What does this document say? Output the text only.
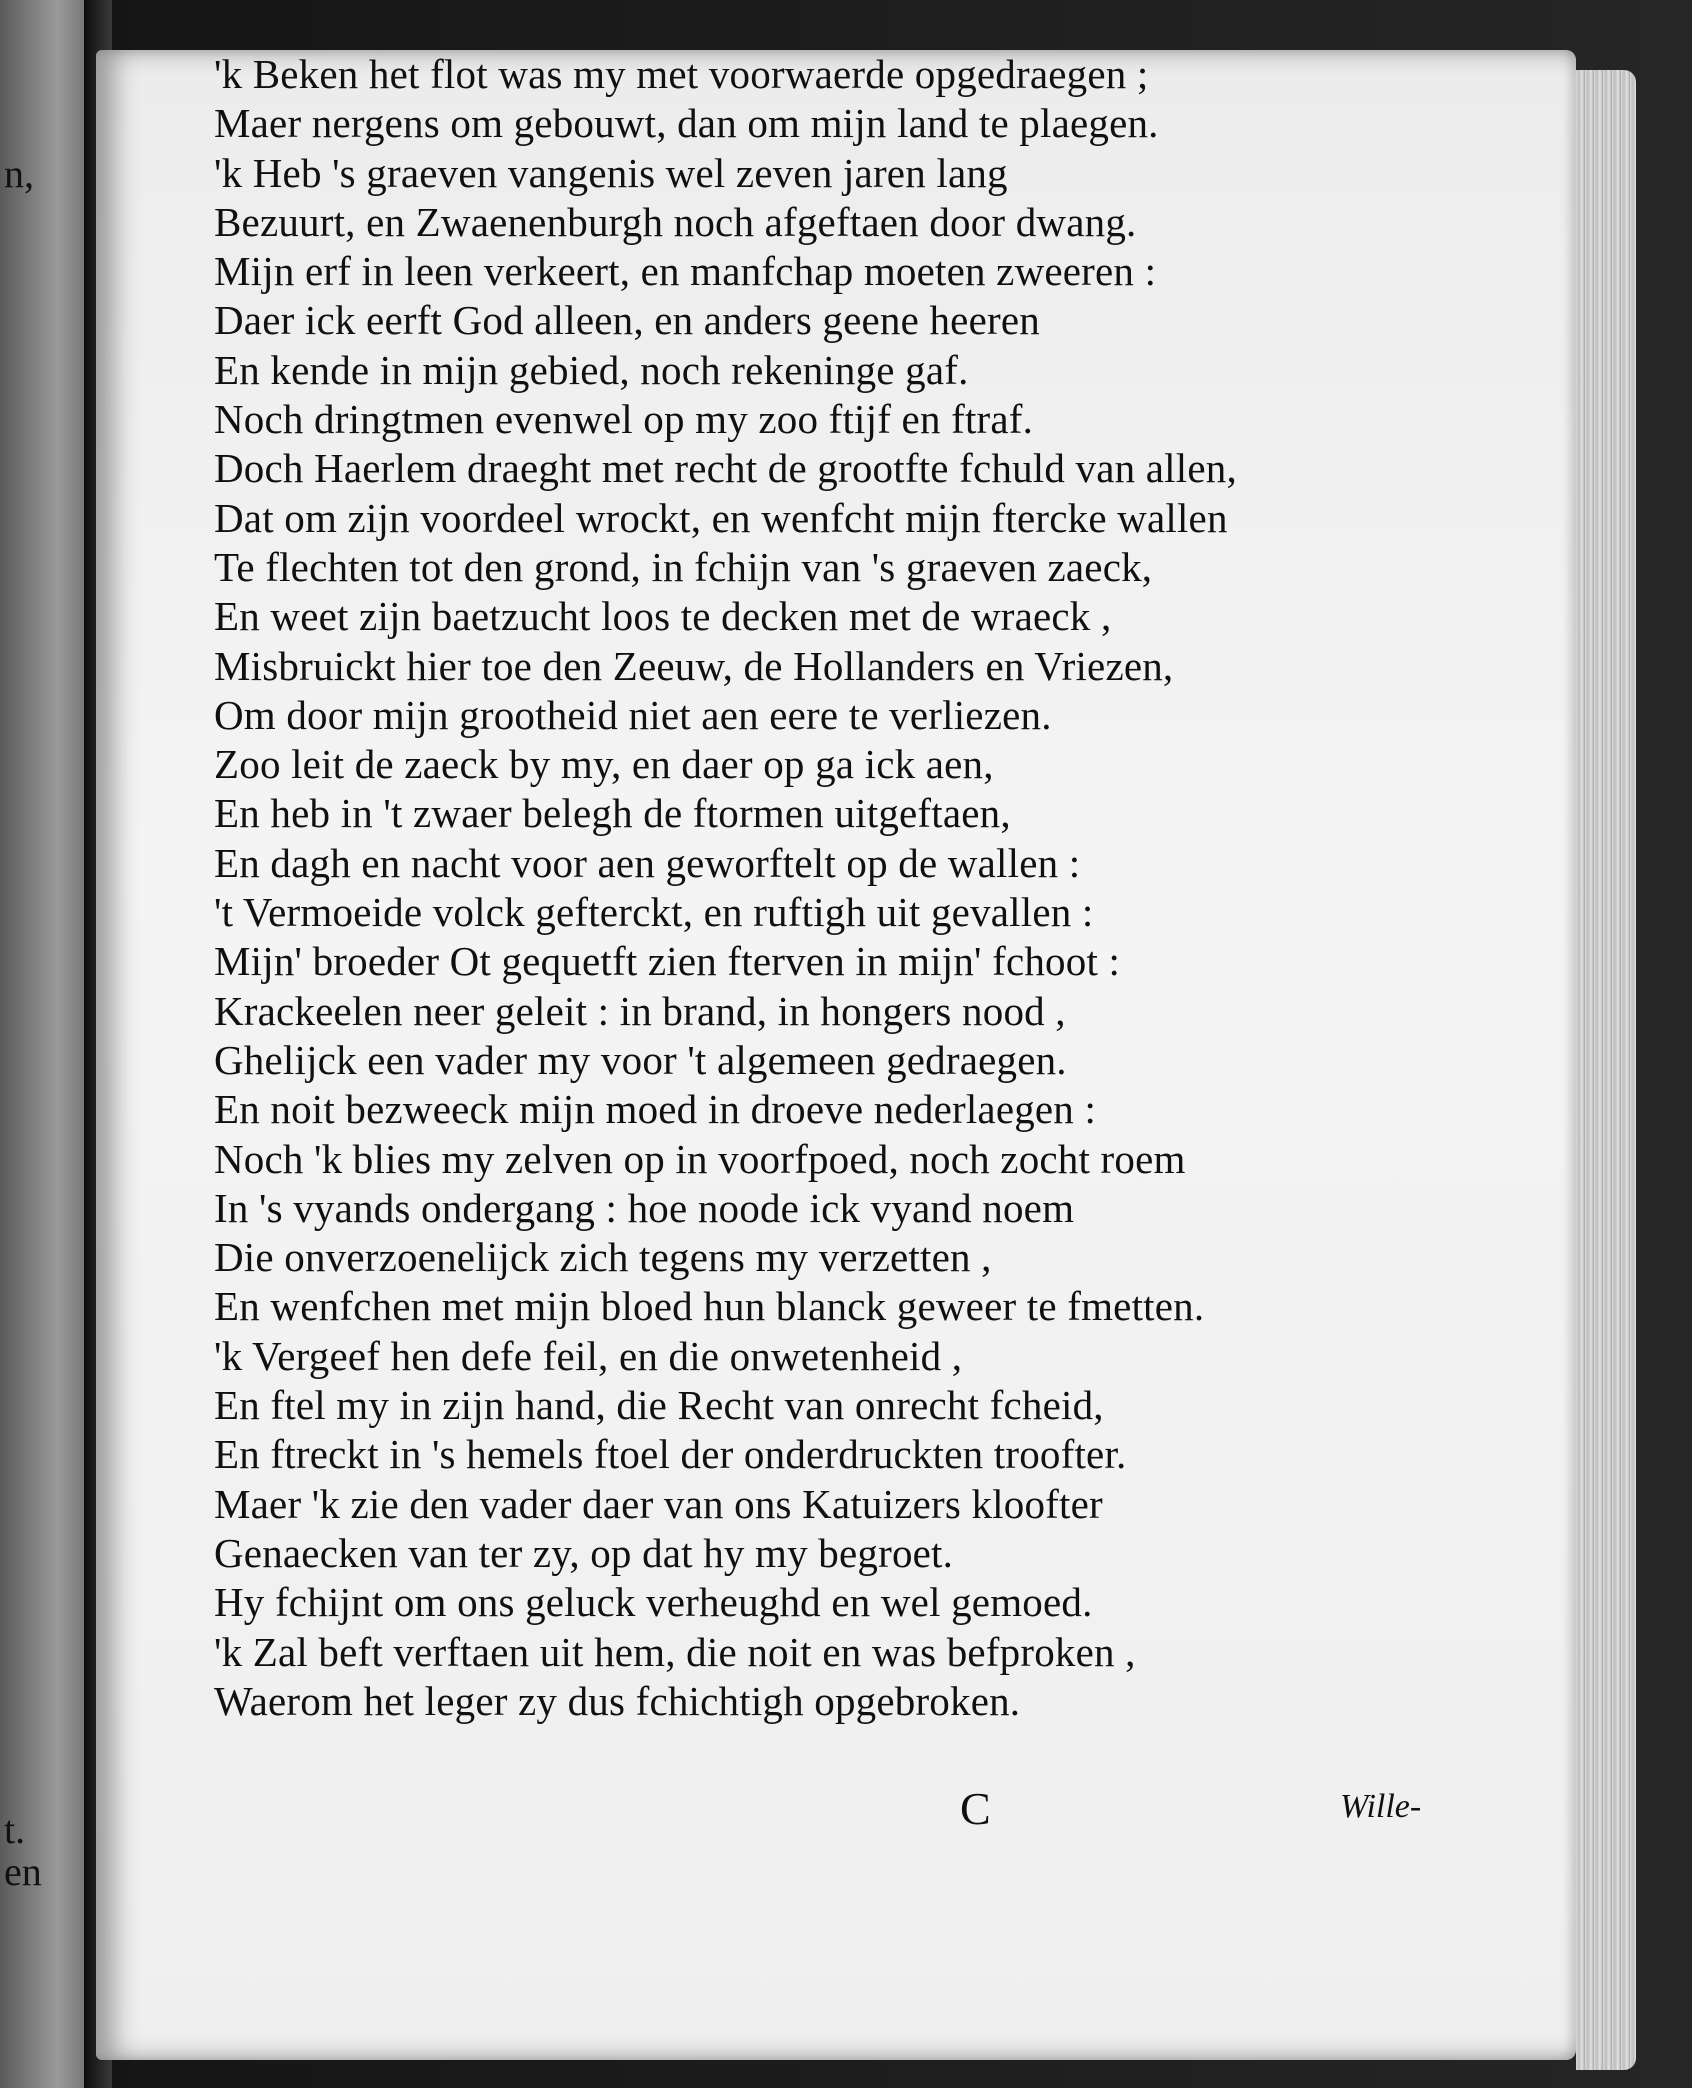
n,
t.
en
'k Beken het flot was my met voorwaerde opgedraegen ;
Maer nergens om gebouwt, dan om mijn land te plaegen.
'k Heb 's graeven vangenis wel zeven jaren lang
Bezuurt, en Zwaenenburgh noch afgeftaen door dwang.
Mijn erf in leen verkeert, en manfchap moeten zweeren :
Daer ick eerft God alleen, en anders geene heeren
En kende in mijn gebied, noch rekeninge gaf.
Noch dringtmen evenwel op my zoo ftijf en ftraf.
Doch Haerlem draeght met recht de grootfte fchuld van allen,
Dat om zijn voordeel wrockt, en wenfcht mijn ftercke wallen
Te flechten tot den grond, in fchijn van 's graeven zaeck,
En weet zijn baetzucht loos te decken met de wraeck ,
Misbruickt hier toe den Zeeuw, de Hollanders en Vriezen,
Om door mijn grootheid niet aen eere te verliezen.
Zoo leit de zaeck by my, en daer op ga ick aen,
En heb in 't zwaer belegh de ftormen uitgeftaen,
En dagh en nacht voor aen geworftelt op de wallen :
't Vermoeide volck gefterckt, en ruftigh uit gevallen :
Mijn' broeder Ot gequetft zien fterven in mijn' fchoot :
Krackeelen neer geleit : in brand, in hongers nood ,
Ghelijck een vader my voor 't algemeen gedraegen.
En noit bezweeck mijn moed in droeve nederlaegen :
Noch 'k blies my zelven op in voorfpoed, noch zocht roem
In 's vyands ondergang : hoe noode ick vyand noem
Die onverzoenelijck zich tegens my verzetten ,
En wenfchen met mijn bloed hun blanck geweer te fmetten.
'k Vergeef hen defe feil, en die onwetenheid ,
En ftel my in zijn hand, die Recht van onrecht fcheid,
En ftreckt in 's hemels ftoel der onderdruckten troofter.
Maer 'k zie den vader daer van ons Katuizers kloofter
Genaecken van ter zy, op dat hy my begroet.
Hy fchijnt om ons geluck verheughd en wel gemoed.
'k Zal beft verftaen uit hem, die noit en was befproken ,
Waerom het leger zy dus fchichtigh opgebroken.
C	Wille-
